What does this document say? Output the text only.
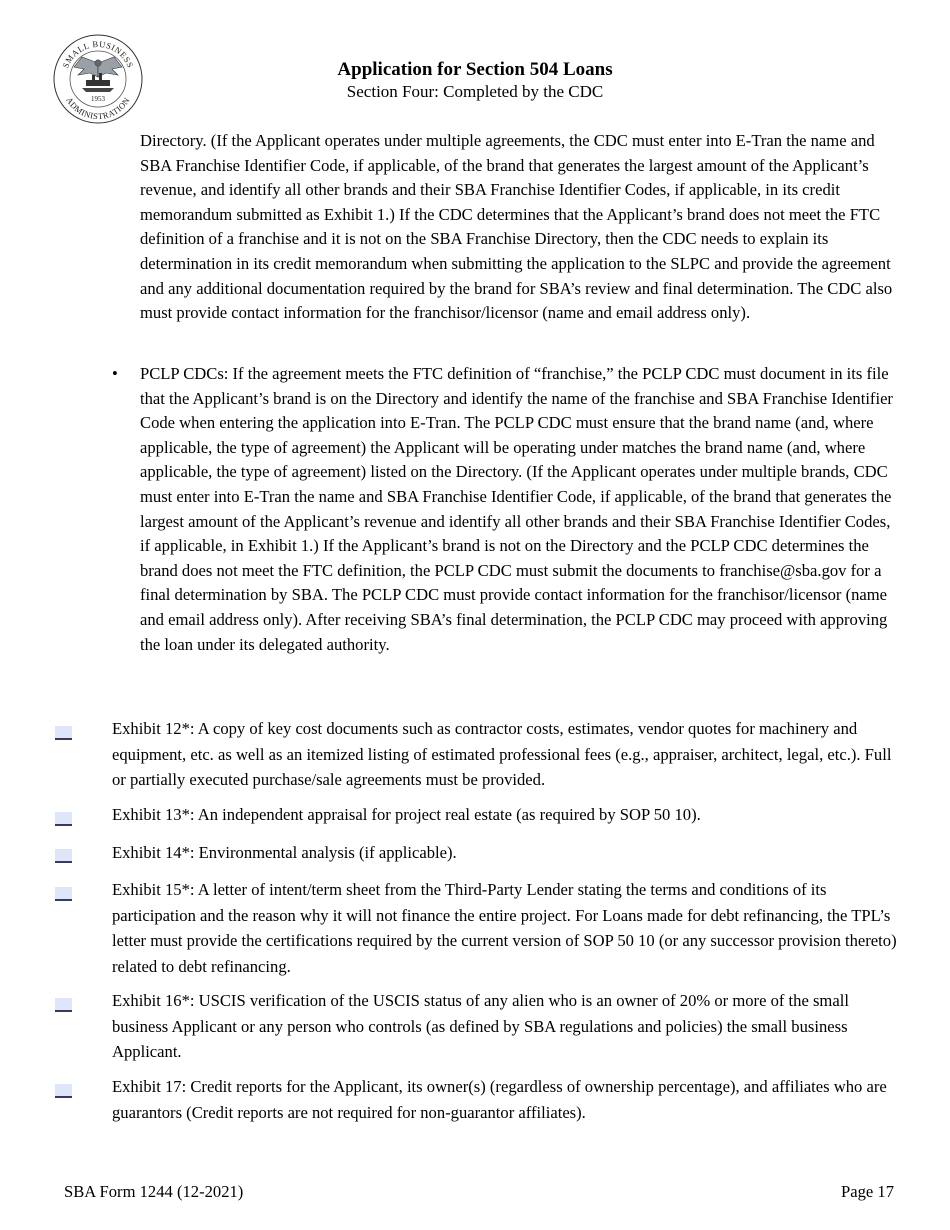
SMALL BUSINESS
ADMINISTRATION
1953
Application for Section 504 Loans
Section Four: Completed by the CDC
Directory. (If the Applicant operates under multiple agreements, the CDC must enter into E-Tran the name and SBA Franchise Identifier Code, if applicable, of the brand that generates the largest amount of the Applicant’s revenue, and identify all other brands and their SBA Franchise Identifier Codes, if applicable, in its credit memorandum submitted as Exhibit 1.) If the CDC determines that the Applicant’s brand does not meet the FTC definition of a franchise and it is not on the SBA Franchise Directory, then the CDC needs to explain its determination in its credit memorandum when submitting the application to the SLPC and provide the agreement and any additional documentation required by the brand for SBA’s review and final determination. The CDC also must provide contact information for the franchisor/licensor (name and email address only).
• PCLP CDCs: If the agreement meets the FTC definition of “franchise,” the PCLP CDC must document in its file that the Applicant’s brand is on the Directory and identify the name of the franchise and SBA Franchise Identifier Code when entering the application into E-Tran. The PCLP CDC must ensure that the brand name (and, where applicable, the type of agreement) the Applicant will be operating under matches the brand name (and, where applicable, the type of agreement) listed on the Directory. (If the Applicant operates under multiple brands, CDC must enter into E-Tran the name and SBA Franchise Identifier Code, if applicable, of the brand that generates the largest amount of the Applicant’s revenue and identify all other brands and their SBA Franchise Identifier Codes, if applicable, in Exhibit 1.) If the Applicant’s brand is not on the Directory and the PCLP CDC determines the brand does not meet the FTC definition, the PCLP CDC must submit the documents to franchise@sba.gov for a final determination by SBA. The PCLP CDC must provide contact information for the franchisor/licensor (name and email address only). After receiving SBA’s final determination, the PCLP CDC may proceed with approving the loan under its delegated authority.
Exhibit 12*: A copy of key cost documents such as contractor costs, estimates, vendor quotes for machinery and equipment, etc. as well as an itemized listing of estimated professional fees (e.g., appraiser, architect, legal, etc.). Full or partially executed purchase/sale agreements must be provided.
Exhibit 13*: An independent appraisal for project real estate (as required by SOP 50 10).
Exhibit 14*: Environmental analysis (if applicable).
Exhibit 15*: A letter of intent/term sheet from the Third-Party Lender stating the terms and conditions of its participation and the reason why it will not finance the entire project. For Loans made for debt refinancing, the TPL’s letter must provide the certifications required by the current version of SOP 50 10 (or any successor provision thereto) related to debt refinancing.
Exhibit 16*: USCIS verification of the USCIS status of any alien who is an owner of 20% or more of the small business Applicant or any person who controls (as defined by SBA regulations and policies) the small business Applicant.
Exhibit 17: Credit reports for the Applicant, its owner(s) (regardless of ownership percentage), and affiliates who are guarantors (Credit reports are not required for non-guarantor affiliates).
SBA Form 1244 (12-2021)	Page 17
